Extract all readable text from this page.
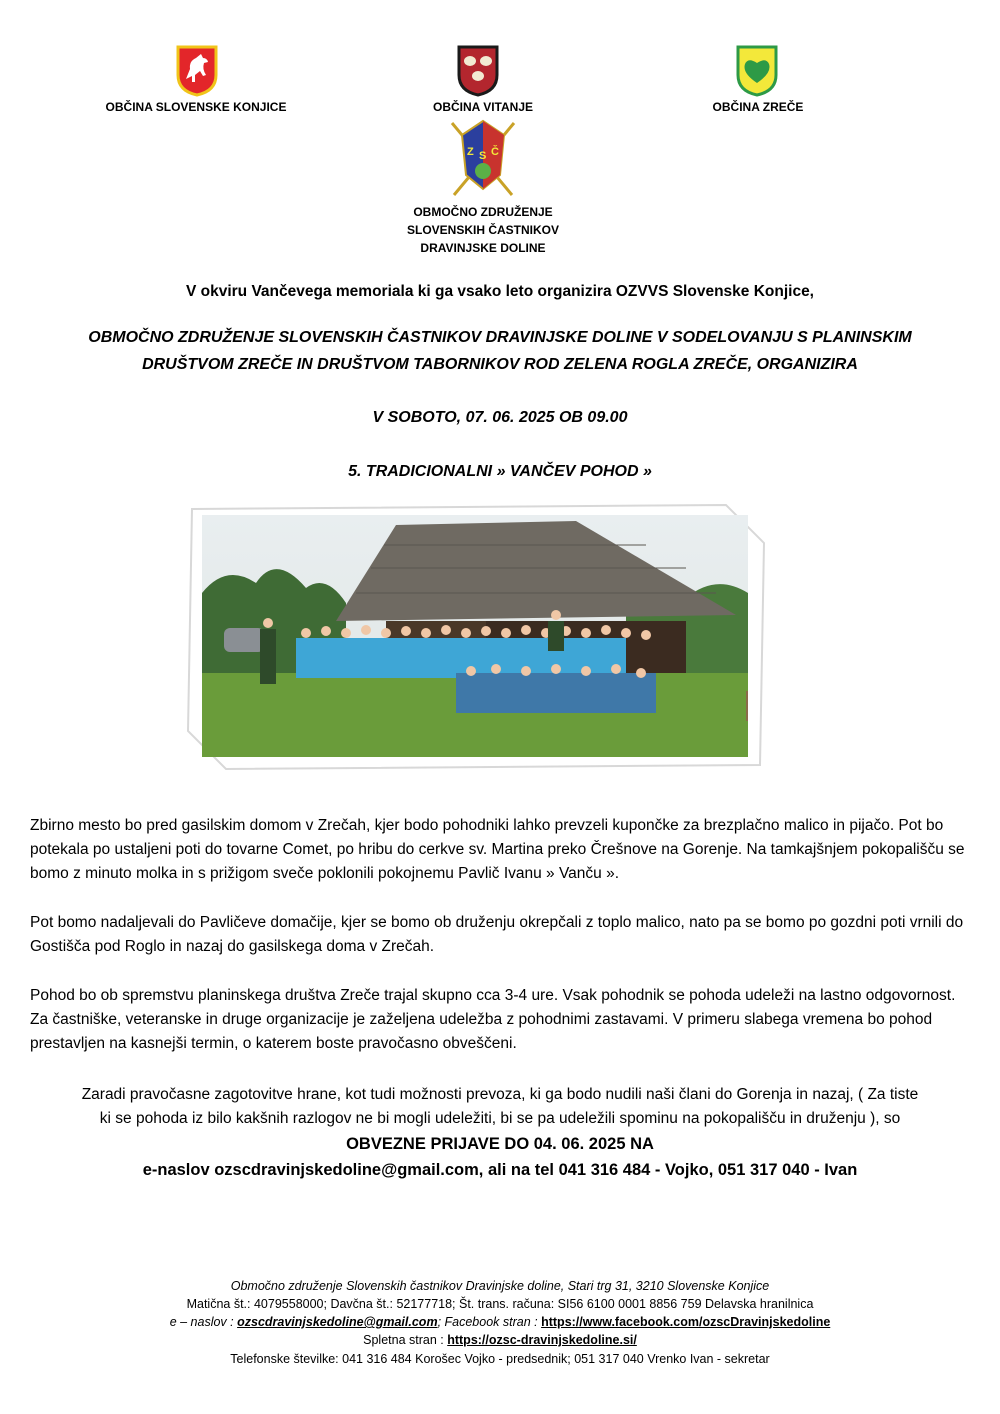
OBČINA SLOVENSKE KONJICE	OBČINA VITANJE	OBČINA ZREČE
Z S Č
OBMOČNO ZDRUŽENJE
SLOVENSKIH ČASTNIKOV
DRAVINJSKE DOLINE
V okviru Vančevega memoriala ki ga vsako leto organizira OZVVS Slovenske Konjice,
OBMOČNO ZDRUŽENJE SLOVENSKIH ČASTNIKOV DRAVINJSKE DOLINE V SODELOVANJU S PLANINSKIM
DRUŠTVOM ZREČE IN DRUŠTVOM TABORNIKOV ROD ZELENA ROGLA ZREČE, ORGANIZIRA
V SOBOTO, 07. 06. 2025 OB 09.00
5. TRADICIONALNI » VANČEV POHOD »

Zbirno mesto bo pred gasilskim domom v Zrečah, kjer bodo pohodniki lahko prevzeli kupončke za brezplačno malico in pijačo. Pot bo potekala po ustaljeni poti do tovarne Comet, po hribu do cerkve sv. Martina preko Črešnove na Gorenje. Na tamkajšnjem pokopališču se bomo z minuto molka in s prižigom sveče poklonili pokojnemu Pavlič Ivanu » Vanču ».

Pot bomo nadaljevali do Pavličeve domačije, kjer se bomo ob druženju okrepčali z toplo malico, nato pa se bomo po gozdni poti vrnili do Gostišča pod Roglo in nazaj do gasilskega doma v Zrečah.

Pohod bo ob spremstvu planinskega društva Zreče trajal skupno cca 3-4 ure. Vsak pohodnik se pohoda udeleži na lastno odgovornost. Za častniške, veteranske in druge organizacije je zaželjena udeležba z pohodnimi zastavami. V primeru slabega vremena bo pohod prestavljen na kasnejši termin, o katerem boste pravočasno obveščeni.

Zaradi pravočasne zagotovitve hrane, kot tudi možnosti prevoza, ki ga bodo nudili naši člani do Gorenja in nazaj, ( Za tiste
ki se pohoda iz bilo kakšnih razlogov ne bi mogli udeležiti, bi se pa udeležili spominu na pokopališču in druženju ), so
OBVEZNE PRIJAVE DO 04. 06. 2025 NA
e-naslov ozscdravinjskedoline@gmail.com, ali na tel 041 316 484 - Vojko, 051 317 040 - Ivan
Območno združenje Slovenskih častnikov Dravinjske doline, Stari trg 31, 3210 Slovenske Konjice
Matična št.: 4079558000; Davčna št.: 52177718; Št. trans. računa: SI56 6100 0001 8856 759 Delavska hranilnica
e – naslov : ozscdravinjskedoline@gmail.com; Facebook stran : https://www.facebook.com/ozscDravinjskedoline
Spletna stran : https://ozsc-dravinjskedoline.si/
Telefonske številke: 041 316 484 Korošec Vojko - predsednik; 051 317 040 Vrenko Ivan - sekretar
